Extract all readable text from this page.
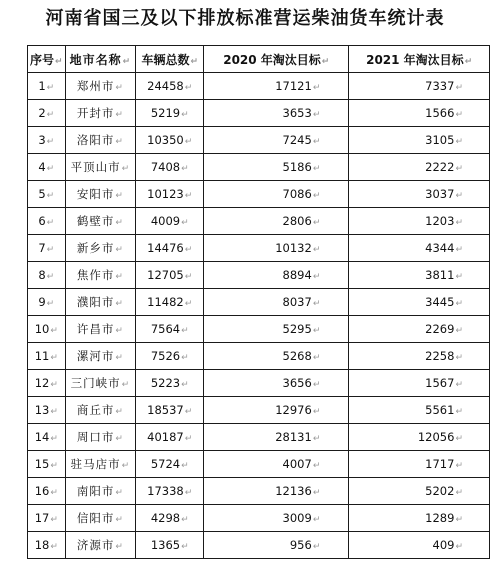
河南省国三及以下排放标准营运柴油货车统计表
序号↵	地市名称↵	车辆总数↵	2020 年淘汰目标↵	2021 年淘汰目标↵
1↵	郑州市↵	24458↵	17121↵	7337↵
2↵	开封市↵	5219↵	3653↵	1566↵
3↵	洛阳市↵	10350↵	7245↵	3105↵
4↵	平顶山市↵	7408↵	5186↵	2222↵
5↵	安阳市↵	10123↵	7086↵	3037↵
6↵	鹤壁市↵	4009↵	2806↵	1203↵
7↵	新乡市↵	14476↵	10132↵	4344↵
8↵	焦作市↵	12705↵	8894↵	3811↵
9↵	濮阳市↵	11482↵	8037↵	3445↵
10↵	许昌市↵	7564↵	5295↵	2269↵
11↵	漯河市↵	7526↵	5268↵	2258↵
12↵	三门峡市↵	5223↵	3656↵	1567↵
13↵	商丘市↵	18537↵	12976↵	5561↵
14↵	周口市↵	40187↵	28131↵	12056↵
15↵	驻马店市↵	5724↵	4007↵	1717↵
16↵	南阳市↵	17338↵	12136↵	5202↵
17↵	信阳市↵	4298↵	3009↵	1289↵
18↵	济源市↵	1365↵	956↵	409↵
